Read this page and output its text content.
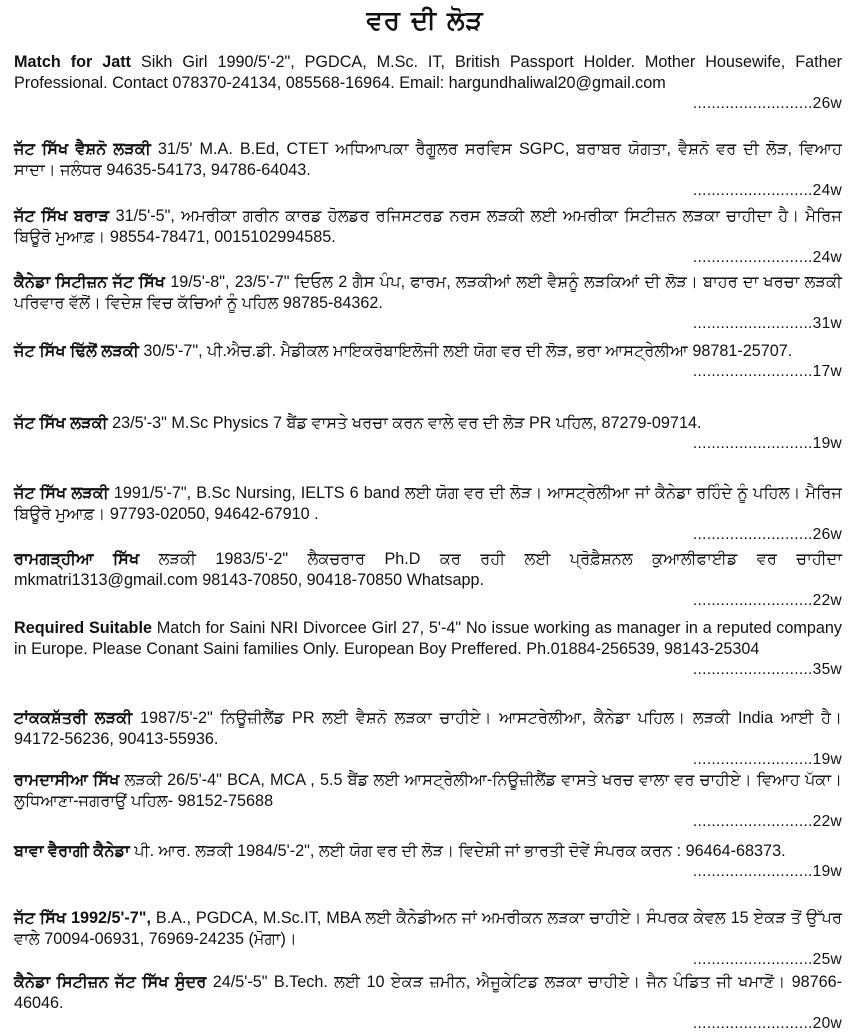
ਵਰ ਦੀ ਲੋੜ

Match for Jatt Sikh Girl 1990/5'-2", PGDCA, M.Sc. IT, British Passport Holder. Mother Housewife, Father Professional. Contact 078370-24134, 085568-16964. Email: hargundhaliwal20@gmail.com

..........................26w

ਜੱਟ ਸਿੱਖ ਵੈਸ਼ਨੋ ਲੜਕੀ 31/5' M.A. B.Ed, CTET ਅਧਿਆਪਕਾ ਰੈਗੂਲਰ ਸਰਵਿਸ SGPC, ਬਰਾਬਰ ਯੋਗਤਾ, ਵੈਸ਼ਨੋ ਵਰ ਦੀ ਲੋੜ, ਵਿਆਹ ਸਾਦਾ। ਜਲੰਧਰ 94635-54173, 94786-64043.

..........................24w

ਜੱਟ ਸਿੱਖ ਬਰਾੜ 31/5'-5", ਅਮਰੀਕਾ ਗਰੀਨ ਕਾਰਡ ਹੋਲਡਰ ਰਜਿਸਟਰਡ ਨਰਸ ਲੜਕੀ ਲਈ ਅਮਰੀਕਾ ਸਿਟੀਜ਼ਨ ਲੜਕਾ ਚਾਹੀਦਾ ਹੈ। ਮੈਰਿਜ ਬਿਊਰੋ ਮੁਆਫ਼। 98554-78471, 0015102994585.

..........................24w

ਕੈਨੇਡਾ ਸਿਟੀਜ਼ਨ ਜੱਟ ਸਿੱਖ 19/5'-8", 23/5'-7" ਦਿਓਲ 2 ਗੈਸ ਪੰਪ, ਫਾਰਮ, ਲੜਕੀਆਂ ਲਈ ਵੈਸ਼ਨੂੰ ਲੜਕਿਆਂ ਦੀ ਲੋੜ। ਬਾਹਰ ਦਾ ਖਰਚਾ ਲੜਕੀ ਪਰਿਵਾਰ ਵੱਲੋਂ। ਵਿਦੇਸ਼ ਵਿਚ ਕੱਚਿਆਂ ਨੂੰ ਪਹਿਲ 98785-84362.

..........................31w

ਜੱਟ ਸਿੱਖ ਢਿੱਲੋਂ ਲੜਕੀ 30/5'-7", ਪੀ.ਐਚ.ਡੀ. ਮੈਡੀਕਲ ਮਾਇਕਰੋਬਾਇਲੋਜੀ ਲਈ ਯੋਗ ਵਰ ਦੀ ਲੋੜ, ਭਰਾ ਆਸਟ੍ਰੇਲੀਆ 98781-25707.

..........................17w

ਜੱਟ ਸਿੱਖ ਲੜਕੀ 23/5'-3" M.Sc Physics 7 ਬੈਂਡ ਵਾਸਤੇ ਖਰਚਾ ਕਰਨ ਵਾਲੇ ਵਰ ਦੀ ਲੋੜ PR ਪਹਿਲ, 87279-09714.

..........................19w

ਜੱਟ ਸਿੱਖ ਲੜਕੀ 1991/5'-7", B.Sc Nursing, IELTS 6 band ਲਈ ਯੋਗ ਵਰ ਦੀ ਲੋੜ। ਆਸਟ੍ਰੇਲੀਆ ਜਾਂ ਕੈਨੇਡਾ ਰਹਿੰਦੇ ਨੂੰ ਪਹਿਲ। ਮੈਰਿਜ ਬਿਊਰੋ ਮੁਆਫ਼। 97793-02050, 94642-67910 .

..........................26w

ਰਾਮਗੜ੍ਹੀਆ ਸਿੱਖ ਲੜਕੀ 1983/5'-2" ਲੈਕਚਰਾਰ Ph.D ਕਰ ਰਹੀ ਲਈ ਪ੍ਰੋਫ਼ੈਸ਼ਨਲ ਕੁਆਲੀਫਾਈਡ ਵਰ ਚਾਹੀਦਾ mkmatri1313@gmail.com 98143-70850, 90418-70850 Whatsapp.

..........................22w

Required Suitable Match for Saini NRI Divorcee Girl 27, 5'-4" No issue working as manager in a reputed company in Europe. Please Conant Saini families Only. European Boy Preffered. Ph.01884-256539, 98143-25304

..........................35w

ਟਾਂਕਕਸ਼ੱਤਰੀ ਲੜਕੀ 1987/5'-2" ਨਿਊਜ਼ੀਲੈਂਡ PR ਲਈ ਵੈਸ਼ਨੋ ਲੜਕਾ ਚਾਹੀਏ। ਆਸਟਰੇਲੀਆ, ਕੈਨੇਡਾ ਪਹਿਲ। ਲੜਕੀ India ਆਈ ਹੈ। 94172-56236, 90413-55936.

..........................19w

ਰਾਮਦਾਸੀਆ ਸਿੱਖ ਲੜਕੀ 26/5'-4" BCA, MCA , 5.5 ਬੈਂਡ ਲਈ ਆਸਟ੍ਰੇਲੀਆ-ਨਿਊਜ਼ੀਲੈਂਡ ਵਾਸਤੇ ਖਰਚ ਵਾਲਾ ਵਰ ਚਾਹੀਏ। ਵਿਆਹ ਪੱਕਾ। ਲੁਧਿਆਣਾ-ਜਗਰਾਉਂ ਪਹਿਲ- 98152-75688

..........................22w

ਬਾਵਾ ਵੈਰਾਗੀ ਕੈਨੇਡਾ ਪੀ. ਆਰ. ਲੜਕੀ 1984/5'-2", ਲਈ ਯੋਗ ਵਰ ਦੀ ਲੋੜ। ਵਿਦੇਸ਼ੀ ਜਾਂ ਭਾਰਤੀ ਦੋਵੇਂ ਸੰਪਰਕ ਕਰਨ : 96464-68373.

..........................19w

ਜੱਟ ਸਿੱਖ 1992/5'-7", B.A., PGDCA, M.Sc.IT, MBA ਲਈ ਕੈਨੇਡੀਅਨ ਜਾਂ ਅਮਰੀਕਨ ਲੜਕਾ ਚਾਹੀਏ। ਸੰਪਰਕ ਕੇਵਲ 15 ਏਕੜ ਤੋਂ ਉੱਪਰ ਵਾਲੇ 70094-06931, 76969-24235 (ਮੋਗਾ)।

..........................25w

ਕੈਨੇਡਾ ਸਿਟੀਜ਼ਨ ਜੱਟ ਸਿੱਖ ਸੁੰਦਰ 24/5'-5" B.Tech. ਲਈ 10 ਏਕੜ ਜ਼ਮੀਨ, ਐਜੂਕੇਟਿਡ ਲੜਕਾ ਚਾਹੀਏ। ਜੈਨ ਪੰਡਿਤ ਜੀ ਖਮਾਣੋਂ। 98766-46046.

..........................20w
